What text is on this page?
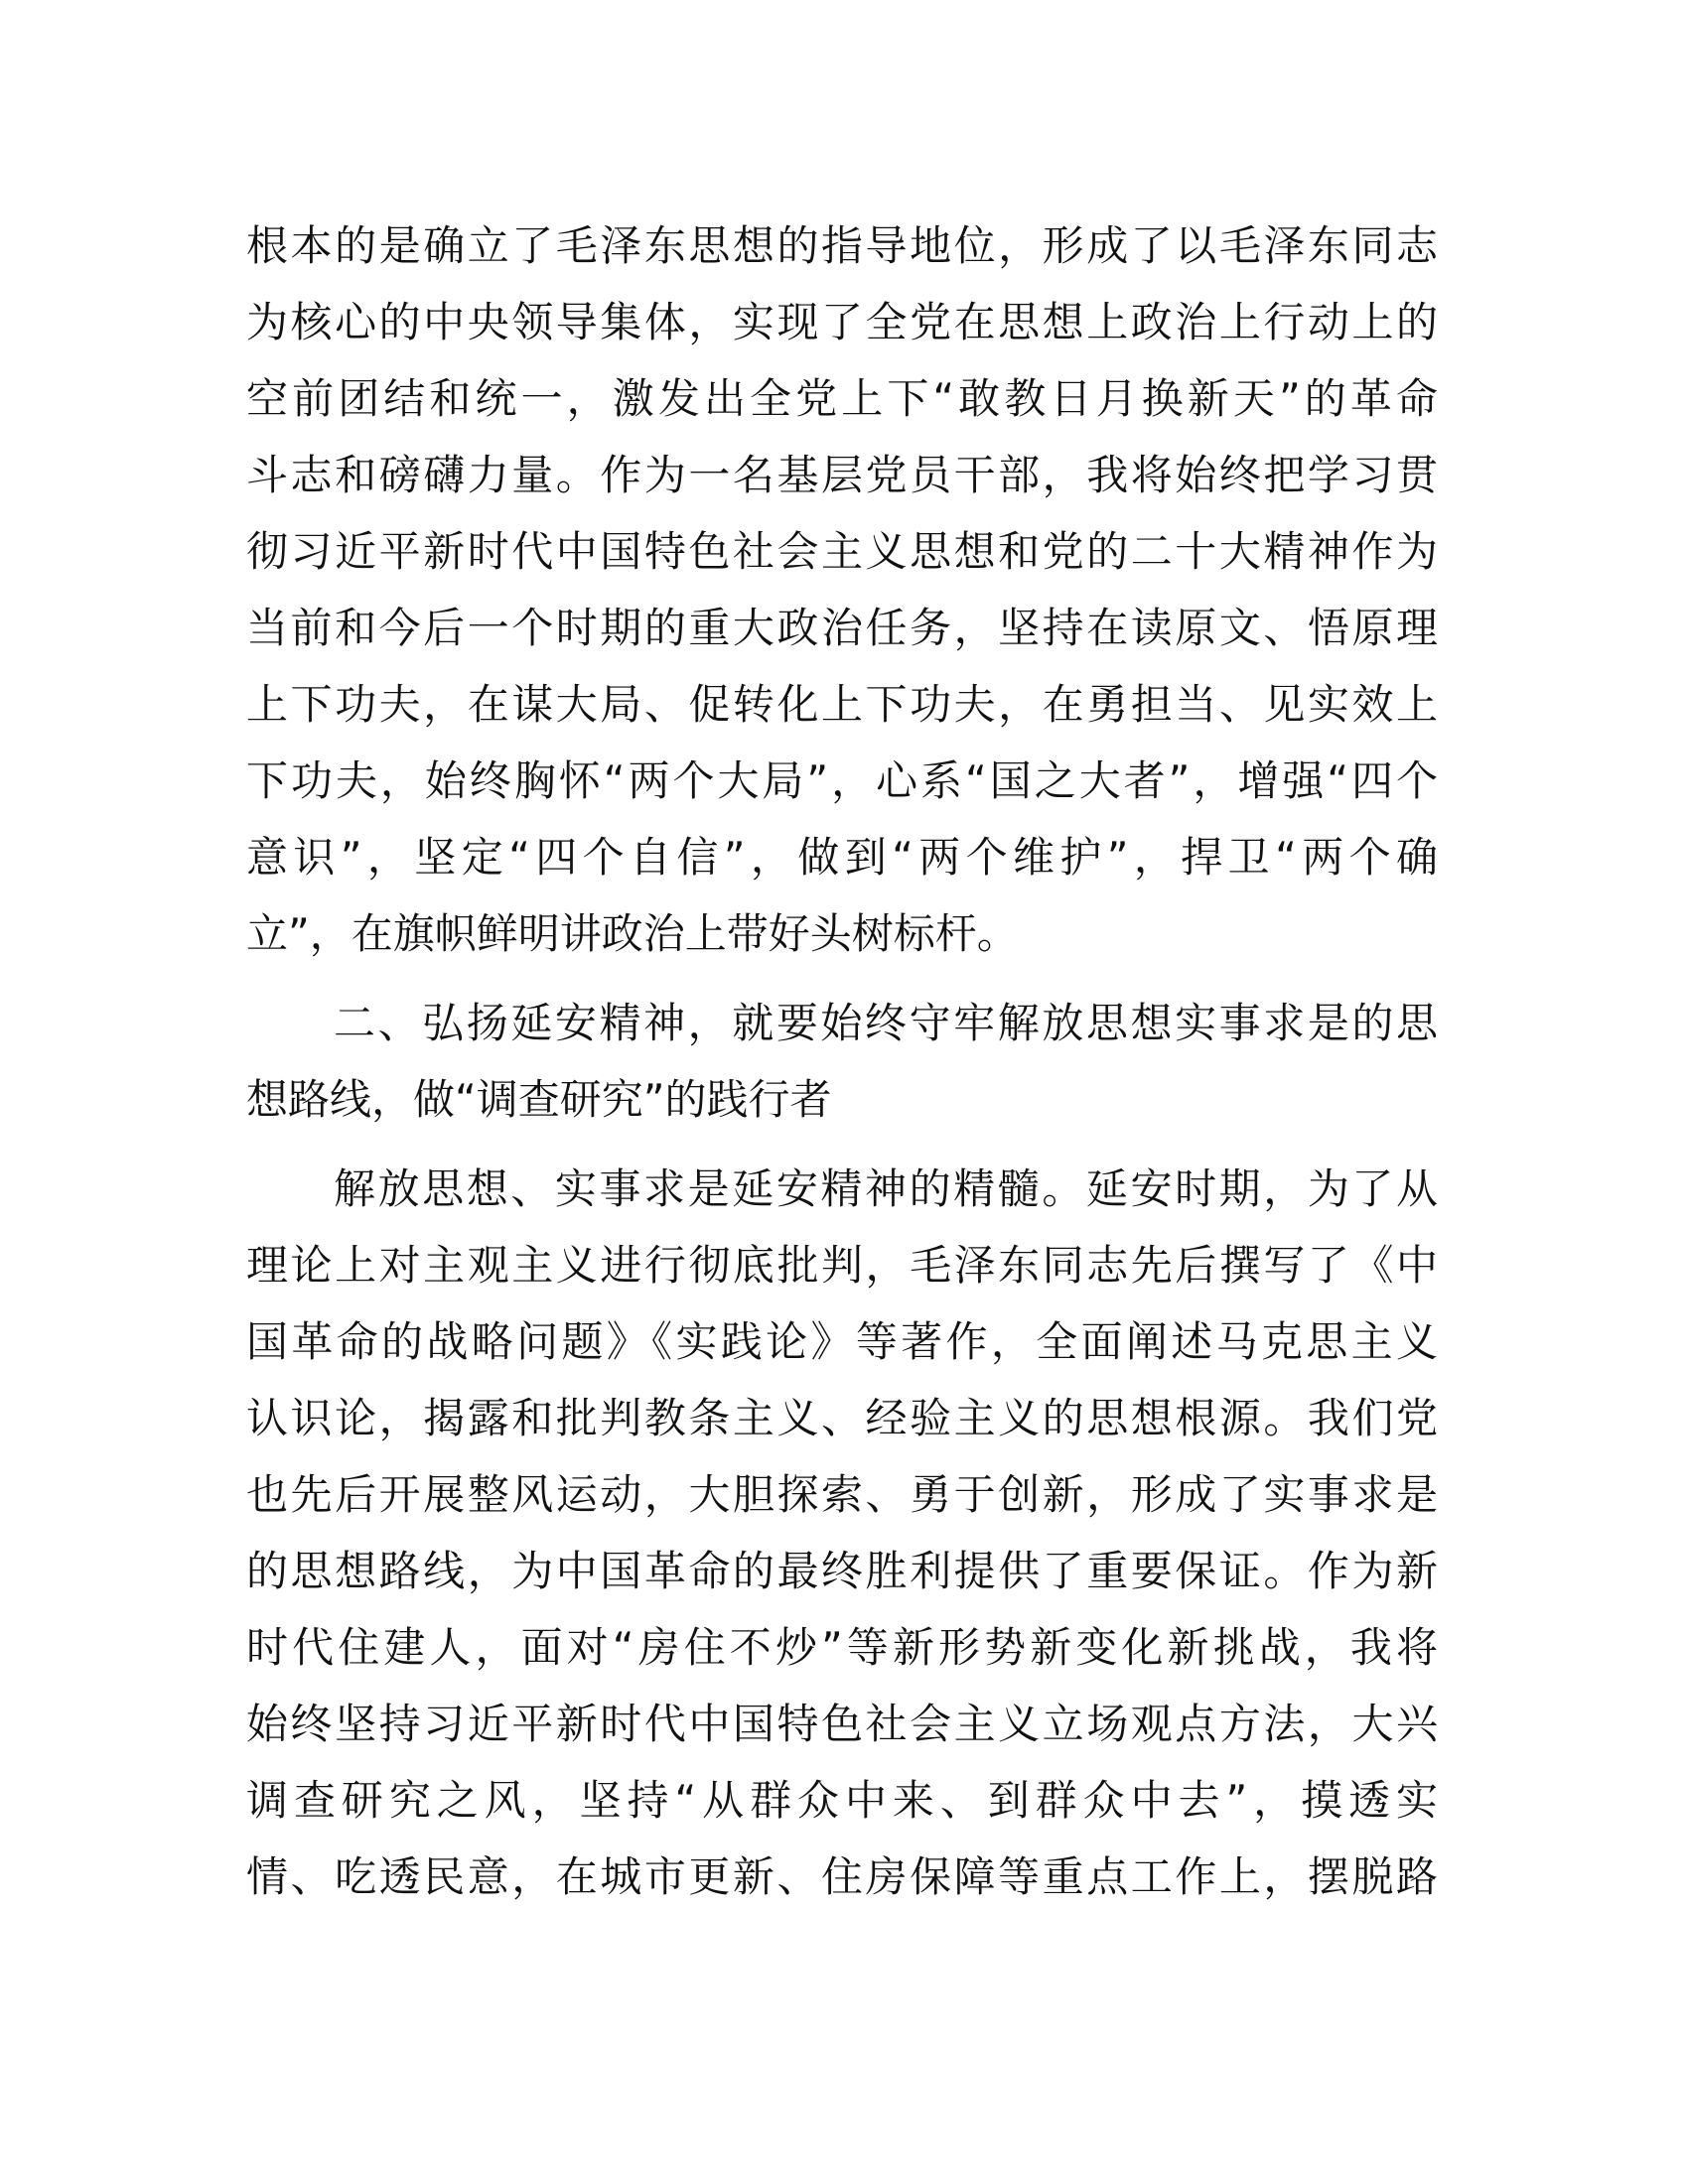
根本的是确立了毛泽东思想的指导地位，形成了以毛泽东同志
为核心的中央领导集体，实现了全党在思想上政治上行动上的
空前团结和统一，激发出全党上下“敢教日月换新天”的革命
斗志和磅礴力量。作为一名基层党员干部，我将始终把学习贯
彻习近平新时代中国特色社会主义思想和党的二十大精神作为
当前和今后一个时期的重大政治任务，坚持在读原文、悟原理
上下功夫，在谋大局、促转化上下功夫，在勇担当、见实效上
下功夫，始终胸怀“两个大局”，心系“国之大者”，增强“四个
意识”，坚定“四个自信”，做到“两个维护”，捍卫“两个确
立”，在旗帜鲜明讲政治上带好头树标杆。
二、弘扬延安精神，就要始终守牢解放思想实事求是的思
想路线，做“调查研究”的践行者
解放思想、实事求是延安精神的精髓。延安时期，为了从
理论上对主观主义进行彻底批判，毛泽东同志先后撰写了《中
国革命的战略问题》《实践论》等著作，全面阐述马克思主义
认识论，揭露和批判教条主义、经验主义的思想根源。我们党
也先后开展整风运动，大胆探索、勇于创新，形成了实事求是
的思想路线，为中国革命的最终胜利提供了重要保证。作为新
时代住建人，面对“房住不炒”等新形势新变化新挑战，我将
始终坚持习近平新时代中国特色社会主义立场观点方法，大兴
调查研究之风，坚持“从群众中来、到群众中去”，摸透实
情、吃透民意，在城市更新、住房保障等重点工作上，摆脱路
